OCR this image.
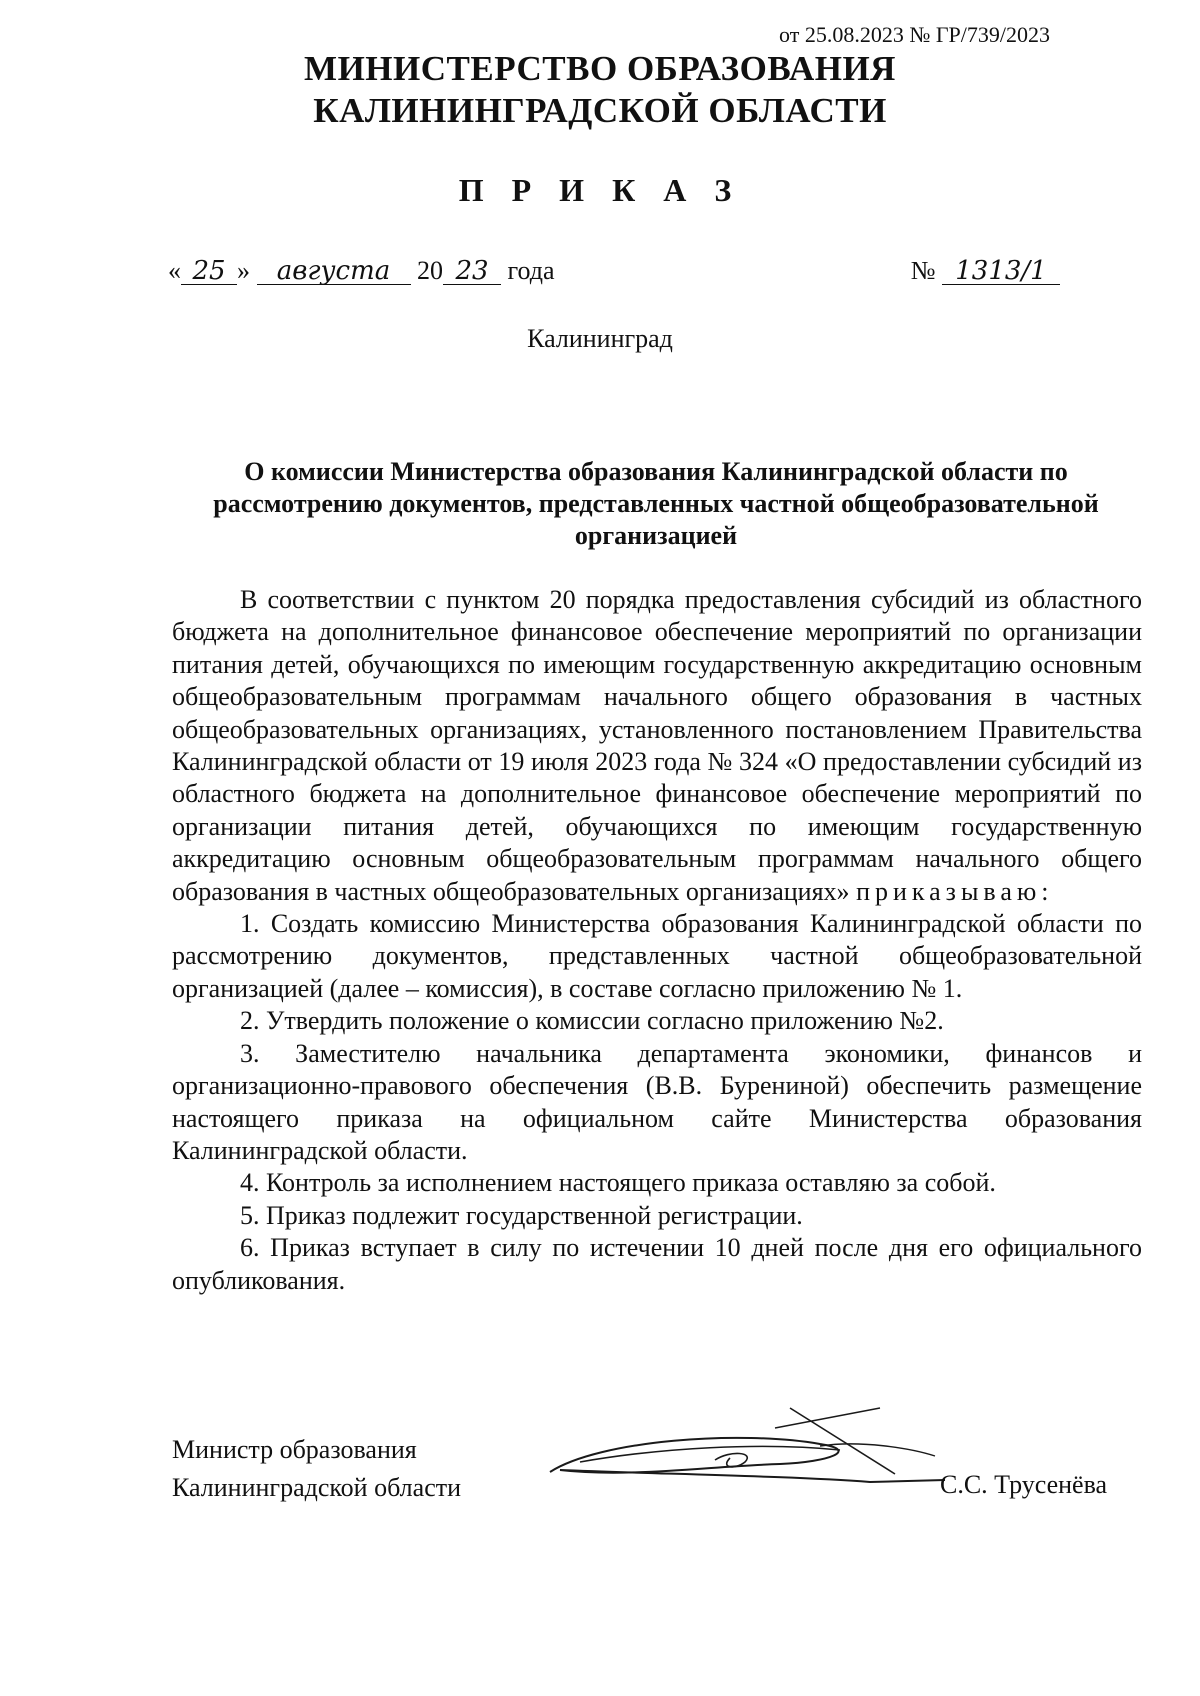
от 25.08.2023 № ГР/739/2023
МИНИСТЕРСТВО ОБРАЗОВАНИЯ
КАЛИНИНГРАДСКОЙ ОБЛАСТИ
П Р И К А З
« 25 » августа 20 23 года	№ 1313/1
Калининград
О комиссии Министерства образования Калининградской области по рассмотрению документов, представленных частной общеобразовательной организацией

В соответствии с пунктом 20 порядка предоставления субсидий из областного бюджета на дополнительное финансовое обеспечение мероприятий по организации питания детей, обучающихся по имеющим государственную аккредитацию основным общеобразовательным программам начального общего образования в частных общеобразовательных организациях, установленного постановлением Правительства Калининградской области от 19 июля 2023 года № 324 «О предоставлении субсидий из областного бюджета на дополнительное финансовое обеспечение мероприятий по организации питания детей, обучающихся по имеющим государственную аккредитацию основным общеобразовательным программам начального общего образования в частных общеобразовательных организациях» приказываю:

1. Создать комиссию Министерства образования Калининградской области по рассмотрению документов, представленных частной общеобразовательной организацией (далее – комиссия), в составе согласно приложению № 1.

2. Утвердить положение о комиссии согласно приложению №2.

3. Заместителю начальника департамента экономики, финансов и организационно-правового обеспечения (В.В. Бурениной) обеспечить размещение настоящего приказа на официальном сайте Министерства образования Калининградской области.

4. Контроль за исполнением настоящего приказа оставляю за собой.

5. Приказ подлежит государственной регистрации.

6. Приказ вступает в силу по истечении 10 дней после дня его официального опубликования.

Министр образования
Калининградской области	С.С. Трусенёва
